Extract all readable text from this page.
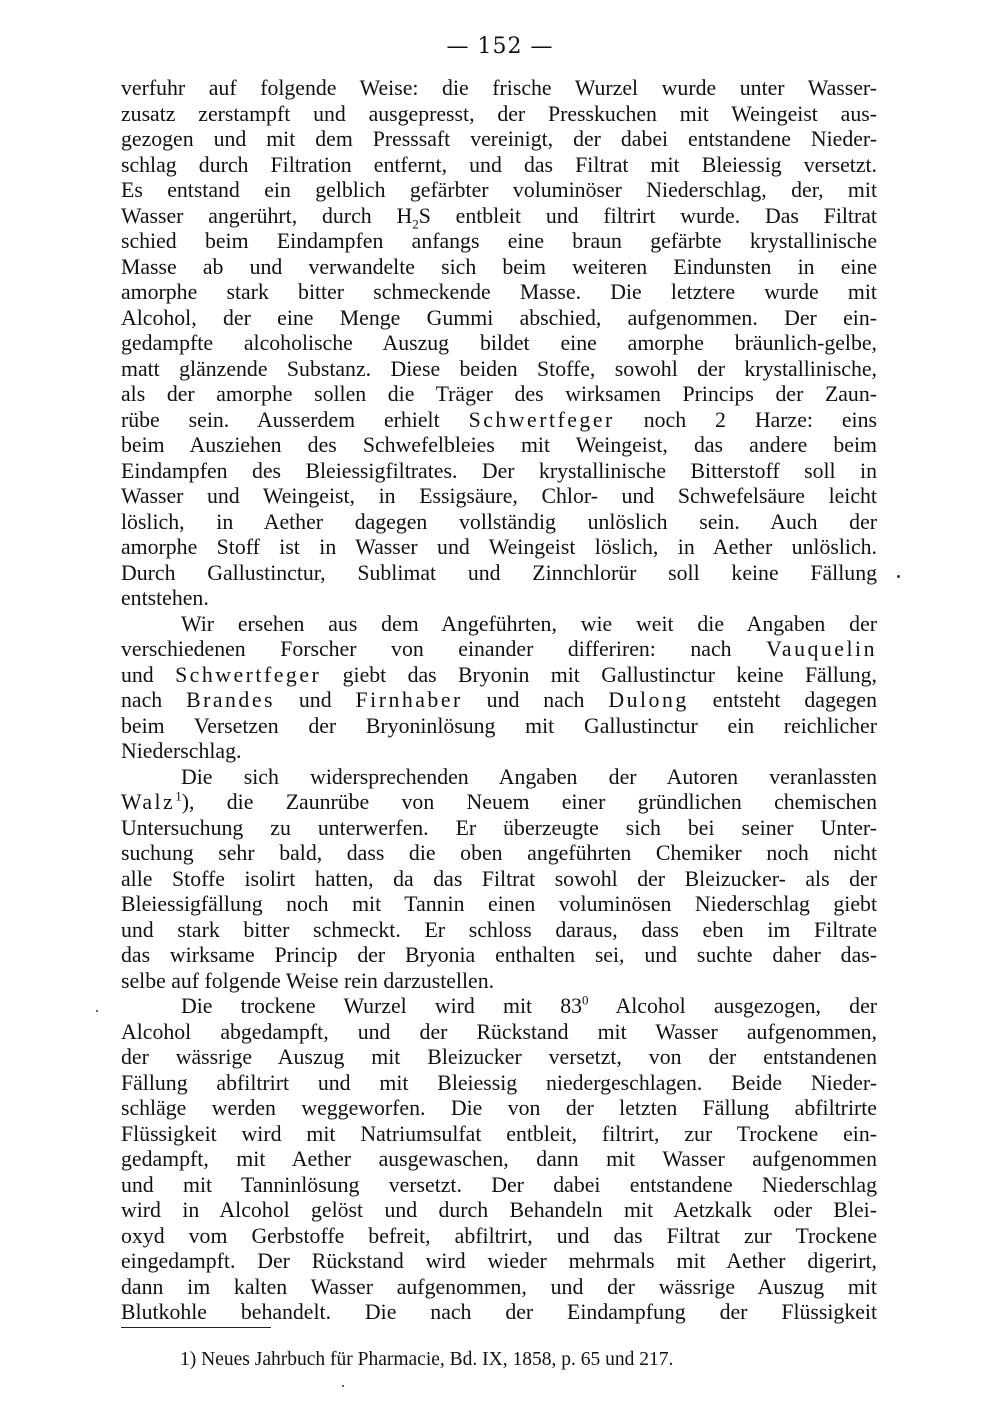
— 152 —
verfuhr auf folgende Weise: die frische Wurzel wurde unter Wasser-
zusatz zerstampft und ausgepresst, der Presskuchen mit Weingeist aus-
gezogen und mit dem Presssaft vereinigt, der dabei entstandene Nieder-
schlag durch Filtration entfernt, und das Filtrat mit Bleiessig versetzt.
Es entstand ein gelblich gefärbter voluminöser Niederschlag, der, mit
Wasser angerührt, durch $H_2S$ entbleit und filtrirt wurde. Das Filtrat
schied beim Eindampfen anfangs eine braun gefärbte krystallinische
Masse ab und verwandelte sich beim weiteren Eindunsten in eine
amorphe stark bitter schmeckende Masse. Die letztere wurde mit
Alcohol, der eine Menge Gummi abschied, aufgenommen. Der ein-
gedampfte alcoholische Auszug bildet eine amorphe bräunlich-gelbe,
matt glänzende Substanz. Diese beiden Stoffe, sowohl der krystallinische,
als der amorphe sollen die Träger des wirksamen Princips der Zaun-
rübe sein. Ausserdem erhielt Schwertfeger noch 2 Harze: eins
beim Ausziehen des Schwefelbleies mit Weingeist, das andere beim
Eindampfen des Bleiessigfiltrates. Der krystallinische Bitterstoff soll in
Wasser und Weingeist, in Essigsäure, Chlor- und Schwefelsäure leicht
löslich, in Aether dagegen vollständig unlöslich sein. Auch der
amorphe Stoff ist in Wasser und Weingeist löslich, in Aether unlöslich.
Durch Gallustinctur, Sublimat und Zinnchlorür soll keine Fällung
entstehen.
Wir ersehen aus dem Angeführten, wie weit die Angaben der
verschiedenen Forscher von einander differiren: nach Vauquelin
und Schwertfeger giebt das Bryonin mit Gallustinctur keine Fällung,
nach Brandes und Firnhaber und nach Dulong entsteht dagegen
beim Versetzen der Bryoninlösung mit Gallustinctur ein reichlicher
Niederschlag.
Die sich widersprechenden Angaben der Autoren veranlassten
Walz$^1$), die Zaunrübe von Neuem einer gründlichen chemischen
Untersuchung zu unterwerfen. Er überzeugte sich bei seiner Unter-
suchung sehr bald, dass die oben angeführten Chemiker noch nicht
alle Stoffe isolirt hatten, da das Filtrat sowohl der Bleizucker- als der
Bleiessigfällung noch mit Tannin einen voluminösen Niederschlag giebt
und stark bitter schmeckt. Er schloss daraus, dass eben im Filtrate
das wirksame Princip der Bryonia enthalten sei, und suchte daher das-
selbe auf folgende Weise rein darzustellen.
Die trockene Wurzel wird mit $83^0$ Alcohol ausgezogen, der
Alcohol abgedampft, und der Rückstand mit Wasser aufgenommen,
der wässrige Auszug mit Bleizucker versetzt, von der entstandenen
Fällung abfiltrirt und mit Bleiessig niedergeschlagen. Beide Nieder-
schläge werden weggeworfen. Die von der letzten Fällung abfiltrirte
Flüssigkeit wird mit Natriumsulfat entbleit, filtrirt, zur Trockene ein-
gedampft, mit Aether ausgewaschen, dann mit Wasser aufgenommen
und mit Tanninlösung versetzt. Der dabei entstandene Niederschlag
wird in Alcohol gelöst und durch Behandeln mit Aetzkalk oder Blei-
oxyd vom Gerbstoffe befreit, abfiltrirt, und das Filtrat zur Trockene
eingedampft. Der Rückstand wird wieder mehrmals mit Aether digerirt,
dann im kalten Wasser aufgenommen, und der wässrige Auszug mit
Blutkohle behandelt. Die nach der Eindampfung der Flüssigkeit
1) Neues Jahrbuch für Pharmacie, Bd. IX, 1858, p. 65 und 217.
